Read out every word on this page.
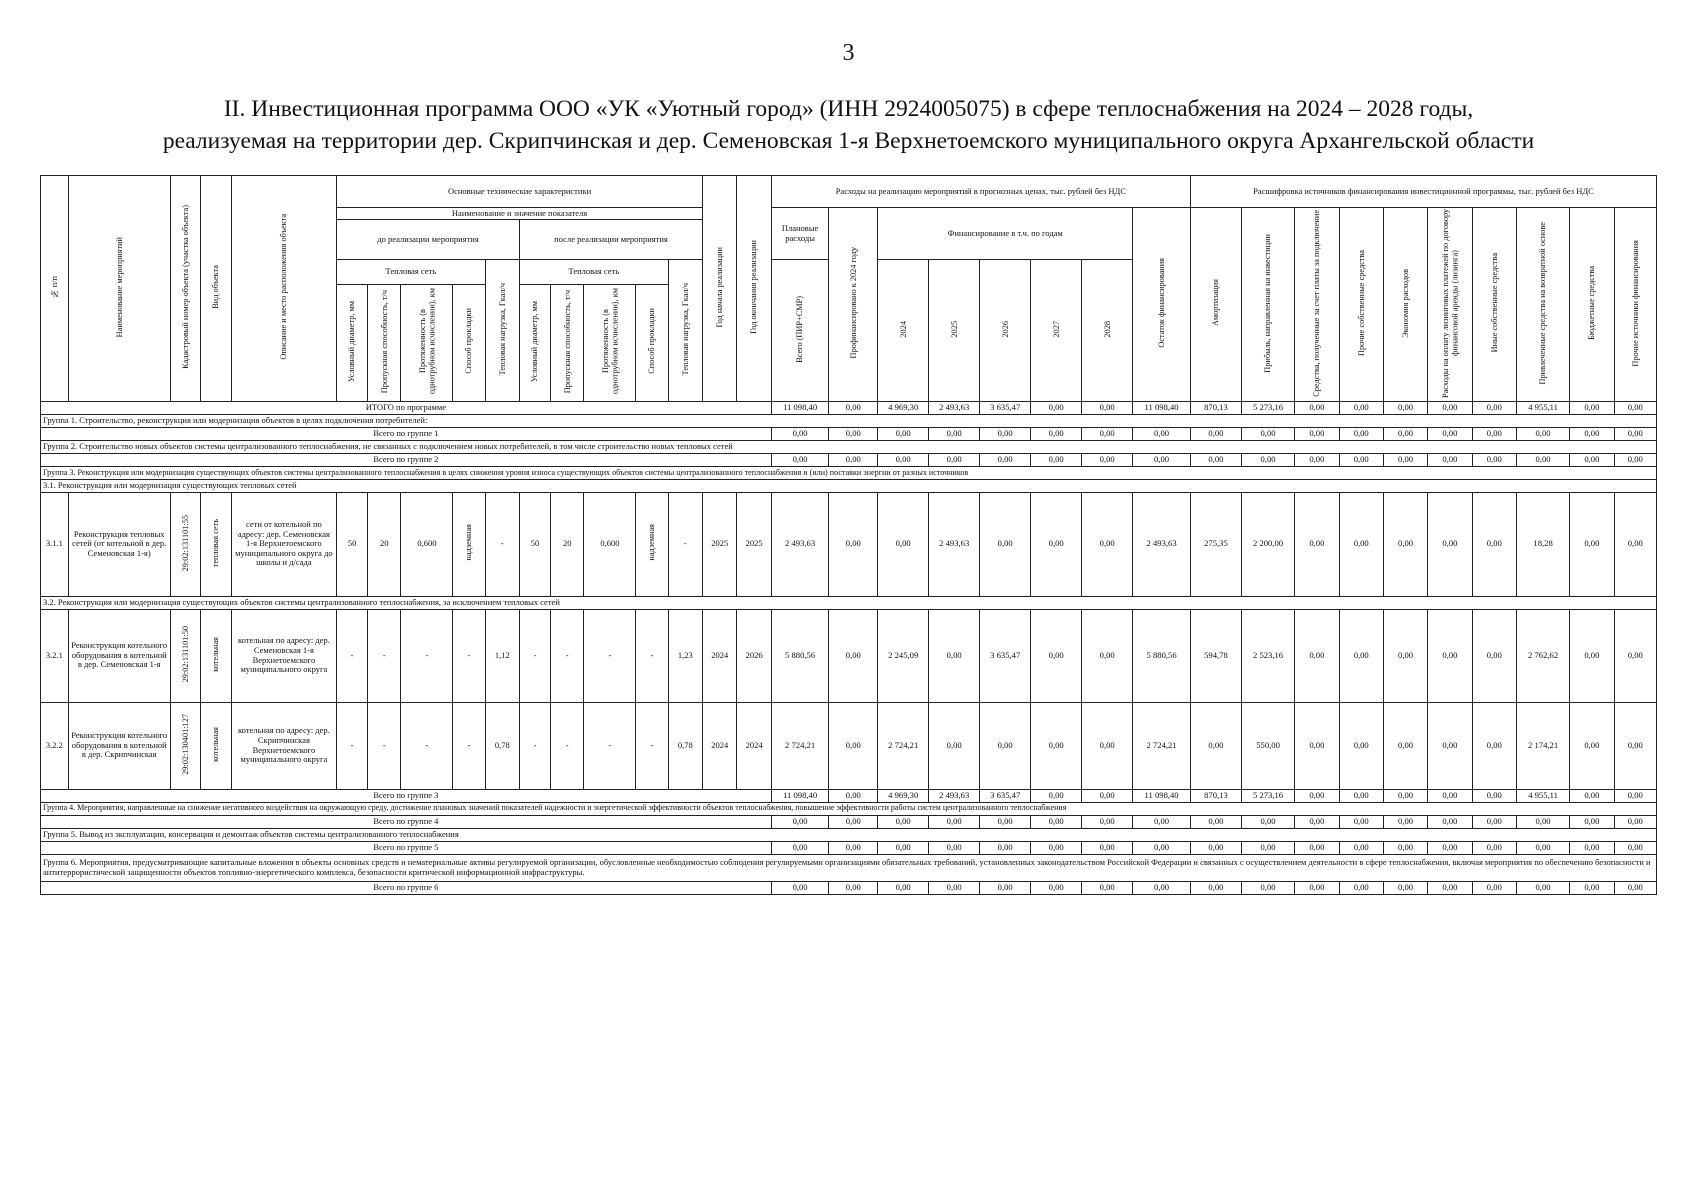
3
II. Инвестиционная программа ООО «УК «Уютный город» (ИНН 2924005075) в сфере теплоснабжения на 2024 – 2028 годы,
реализуемая на территории дер. Скрипчинская и дер. Семеновская 1-я Верхнетоемского муниципального округа Архангельской области
№ п/п	Наименование мероприятий	Кадастровый номер объекта (участка объекта)	Вид объекта	Описание и место расположения объекта	Основные технические характеристики										Год начала реализации	Год окончания реализации	Расходы на реализацию мероприятий в прогнозных ценах, тыс. рублей без НДС								Расшифровка источников финансирования инвестиционной программы, тыс. рублей без НДС									
					Наименование и значение показателя												Плановые расходы	Профинансировано к 2024 году	Финансирование в т.ч. по годам					Остаток финансирования	Амортизация	Прибыль, направленная на инвестиции	Средства, полученные за счет платы за подключение	Прочие собственные средства	Экономия расходов	Расходы на оплату лизинговых платежей по договору финансовой аренды (лизинга)	Иные собственные средства	Привлеченные средства на возвратной основе	Бюджетные средства	Прочие источники финансирования
					до реализации мероприятия					после реализации мероприятия																								
					Тепловая сеть				Тепловая нагрузка, Гкал/ч	Тепловая сеть				Тепловая нагрузка, Гкал/ч			Всего (ПИР+СМР)		2024	2025	2026	2027	2028											
					Условный диаметр, мм	Пропускная способность, т/ч	Протяженность (в однотрубном исчислении), км	Способ прокладки		Условный диаметр, мм	Пропускная способность, т/ч	Протяженность (в однотрубном исчислении), км	Способ прокладки																					
ИТОГО по программе																	11 098,40	0,00	4 969,30	2 493,63	3 635,47	0,00	0,00	11 098,40	870,13	5 273,16	0,00	0,00	0,00	0,00	0,00	4 955,11	0,00	0,00
Группа 1. Строительство, реконструкция или модернизация объектов в целях подключения потребителей:																																		
Всего по группе 1																	0,00	0,00	0,00	0,00	0,00	0,00	0,00	0,00	0,00	0,00	0,00	0,00	0,00	0,00	0,00	0,00	0,00	0,00
Группа 2. Строительство новых объектов системы централизованного теплоснабжения, не связанных с подключением новых потребителей, в том числе строительство новых тепловых сетей																																		
Всего по группе 2																	0,00	0,00	0,00	0,00	0,00	0,00	0,00	0,00	0,00	0,00	0,00	0,00	0,00	0,00	0,00	0,00	0,00	0,00
Группа 3. Реконструкция или модернизация существующих объектов системы централизованного теплоснабжения в целях снижения уровня износа существующих объектов системы централизованного теплоснабжения и (или) поставки энергии от разных источников																																		
3.1. Реконструкция или модернизация существующих тепловых сетей																																		
3.1.1	Реконструкция тепловых сетей (от котельной в дер. Семеновская 1-я)	29:02:131101:55	тепловая сеть	сети от котельной по адресу: дер. Семеновская 1-я Верхнетоемского муниципального округа до школы и д/сада	50	20	0,600	надземная	-	50	20	0,600	надземная	-	2025	2025	2 493,63	0,00	0,00	2 493,63	0,00	0,00	0,00	2 493,63	275,35	2 200,00	0,00	0,00	0,00	0,00	0,00	18,28	0,00	0,00
3.2. Реконструкция или модернизация существующих объектов системы централизованного теплоснабжения, за исключением тепловых сетей																																		
3.2.1	Реконструкция котельного оборудования в котельной в дер. Семеновская 1-я	29:02:131101:50	котельная	котельная по адресу: дер. Семеновская 1-я Верхнетоемского муниципального округа	-	-	-	-	1,12	-	-	-	-	1,23	2024	2026	5 880,56	0,00	2 245,09	0,00	3 635,47	0,00	0,00	5 880,56	594,78	2 523,16	0,00	0,00	0,00	0,00	0,00	2 762,62	0,00	0,00
3.2.2	Реконструкция котельного оборудования в котельной в дер. Скрипчинская	29:02:130401:127	котельная	котельная по адресу: дер. Скрипчинская Верхнетоемского муниципального округа	-	-	-	-	0,78	-	-	-	-	0,78	2024	2024	2 724,21	0,00	2 724,21	0,00	0,00	0,00	0,00	2 724,21	0,00	550,00	0,00	0,00	0,00	0,00	0,00	2 174,21	0,00	0,00
Всего по группе 3																	11 098,40	0,00	4 969,30	2 493,63	3 635,47	0,00	0,00	11 098,40	870,13	5 273,16	0,00	0,00	0,00	0,00	0,00	4 955,11	0,00	0,00
Группа 4. Мероприятия, направленные на снижение негативного воздействия на окружающую среду, достижение плановых значений показателей надежности и энергетической эффективности объектов теплоснабжения, повышение эффективности работы систем централизованного теплоснабжения																																		
Всего по группе 4																	0,00	0,00	0,00	0,00	0,00	0,00	0,00	0,00	0,00	0,00	0,00	0,00	0,00	0,00	0,00	0,00	0,00	0,00
Группа 5. Вывод из эксплуатации, консервация и демонтаж объектов системы централизованного теплоснабжения																																		
Всего по группе 5																	0,00	0,00	0,00	0,00	0,00	0,00	0,00	0,00	0,00	0,00	0,00	0,00	0,00	0,00	0,00	0,00	0,00	0,00
Группа 6. Мероприятия, предусматривающие капитальные вложения в объекты основных средств и нематериальные активы регулируемой организации, обусловленные необходимостью соблюдения регулируемыми организациями обязательных требований, установленных законодательством Российской Федерации и связанных с осуществлением деятельности в сфере теплоснабжения, включая мероприятия по обеспечению безопасности и антитеррористической защищенности объектов топливно-энергетического комплекса, безопасности критической информационной инфраструктуры.																																		
Всего по группе 6																	0,00	0,00	0,00	0,00	0,00	0,00	0,00	0,00	0,00	0,00	0,00	0,00	0,00	0,00	0,00	0,00	0,00	0,00
